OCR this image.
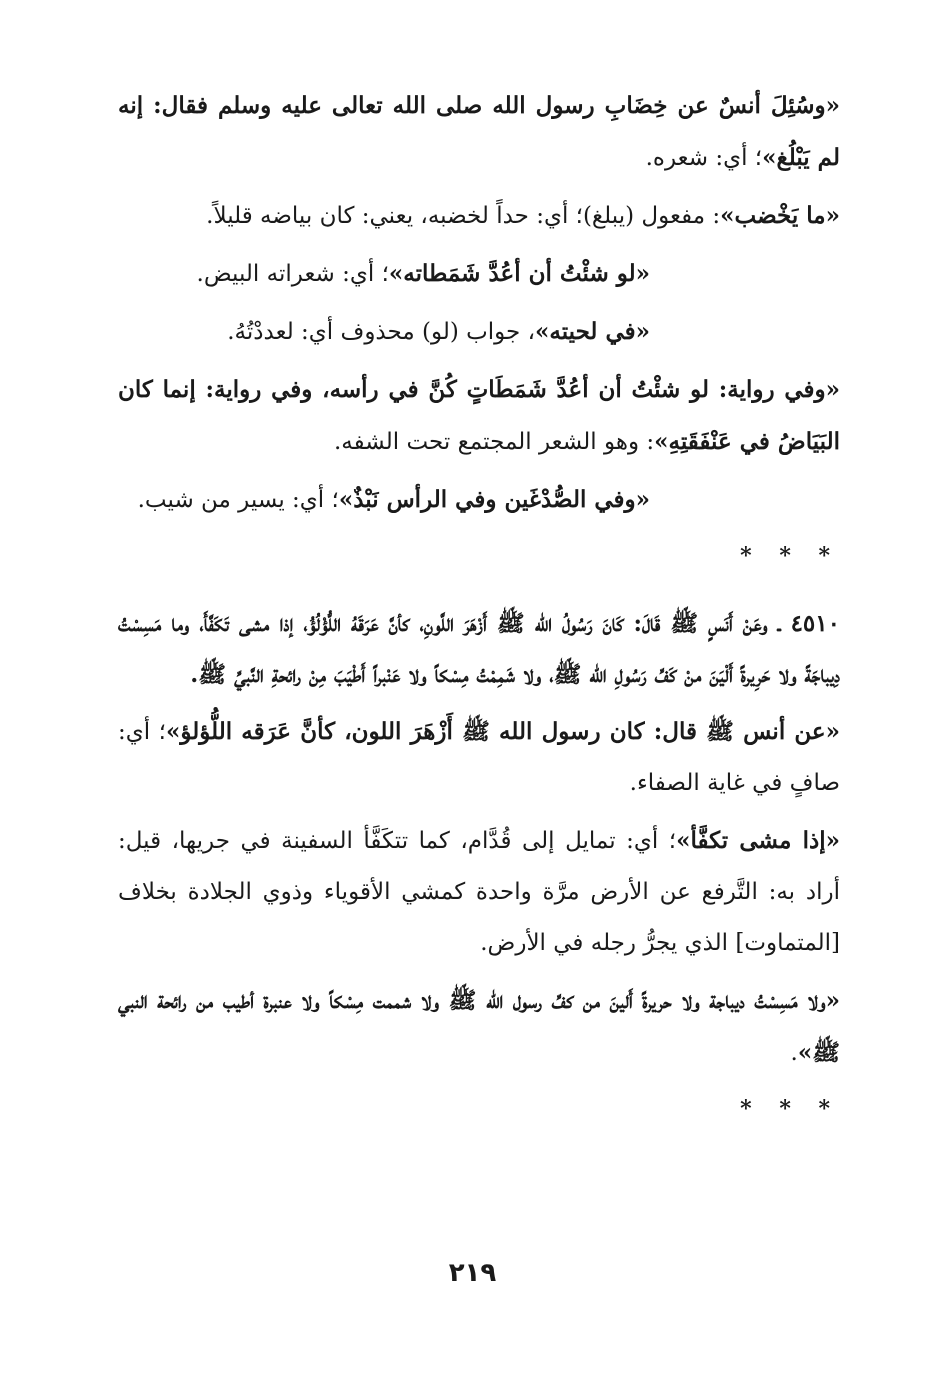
«وسُئِلَ أنسٌ عن خِضَابِ رسول الله صلى الله تعالى عليه وسلم فقال: إنه لم يَبْلُغ»؛ أي: شعره.

«ما يَخْضب»: مفعول (يبلغ)؛ أي: حداً لخضبه، يعني: كان بياضه قليلاً.

«لو شئْتُ أن أعُدَّ شَمَطاته»؛ أي: شعراته البيض.

«في لحيته»، جواب (لو) محذوف أي: لعددْتُهُ.

«وفي رواية: لو شئْتُ أن أعُدَّ شَمَطَاتٍ كُنَّ في رأسه، وفي رواية: إنما كان البَيَاضُ في عَنْفَقَتِهِ»: وهو الشعر المجتمع تحت الشفه.

«وفي الصُّدْغَين وفي الرأس نَبْذٌ»؛ أي: يسير من شيب.

* * *

٤٥١٠ ـ وعَنْ أَنَسٍ ﷺ قَالَ: كَانَ رَسُولُ الله ﷺ أَزْهَرَ اللَّونِ، كأنَّ عَرَقَهُ اللُّؤْلُؤُ، إذا مشى تَكَفَّأَ، وما مَسِسْتُ دِيباجَةً ولا حَرِيرةً أَلْيَنَ منْ كَفِّ رَسُولِ الله ﷺ، ولا شَمِمْتُ مِسْكاً ولا عَنْبراً أَطْيَبَ مِنْ رائحةِ النَّبيِّ ﷺ.

«عن أنس ﷺ قال: كان رسول الله ﷺ أَزْهَرَ اللون، كأنَّ عَرَقه اللُّؤلؤ»؛ أي: صافٍ في غاية الصفاء.

«إذا مشى تكفَّأ»؛ أي: تمايل إلى قُدَّام، كما تتكَفَّأ السفينة في جريها، قيل: أراد به: التَّرفع عن الأرض مرَّة واحدة كمشي الأقوياء وذوي الجلادة بخلاف [المتماوت] الذي يجرُّ رجله في الأرض.

«ولا مَسِسْتُ ديباجة ولا حريرةً أَلينَ من كفِّ رسول الله ﷺ ولا شممت مِسْكاً ولا عنبرة أطيب من رائحة النبي ﷺ».

* * *
٢١٩
